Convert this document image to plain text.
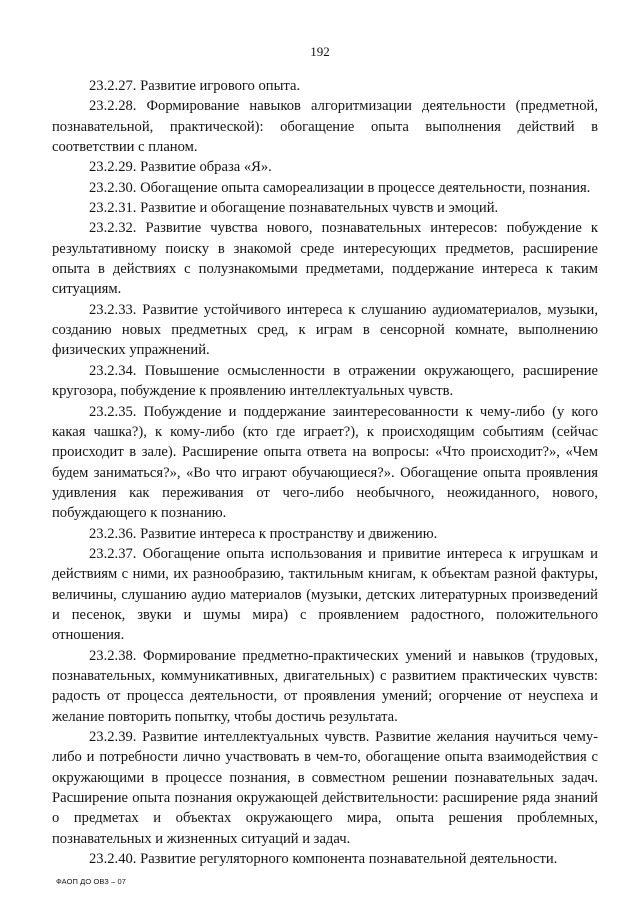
192

23.2.27. Развитие игрового опыта.

23.2.28. Формирование навыков алгоритмизации деятельности (предметной, познавательной, практической): обогащение опыта выполнения действий в соответствии с планом.

23.2.29. Развитие образа «Я».

23.2.30. Обогащение опыта самореализации в процессе деятельности, познания.

23.2.31. Развитие и обогащение познавательных чувств и эмоций.

23.2.32. Развитие чувства нового, познавательных интересов: побуждение к результативному поиску в знакомой среде интересующих предметов, расширение опыта в действиях с полузнакомыми предметами, поддержание интереса к таким ситуациям.

23.2.33. Развитие устойчивого интереса к слушанию аудиоматериалов, музыки, созданию новых предметных сред, к играм в сенсорной комнате, выполнению физических упражнений.

23.2.34. Повышение осмысленности в отражении окружающего, расширение кругозора, побуждение к проявлению интеллектуальных чувств.

23.2.35. Побуждение и поддержание заинтересованности к чему-либо (у кого какая чашка?), к кому-либо (кто где играет?), к происходящим событиям (сейчас происходит в зале). Расширение опыта ответа на вопросы: «Что происходит?», «Чем будем заниматься?», «Во что играют обучающиеся?». Обогащение опыта проявления удивления как переживания от чего-либо необычного, неожиданного, нового, побуждающего к познанию.

23.2.36. Развитие интереса к пространству и движению.

23.2.37. Обогащение опыта использования и привитие интереса к игрушкам и действиям с ними, их разнообразию, тактильным книгам, к объектам разной фактуры, величины, слушанию аудио материалов (музыки, детских литературных произведений и песенок, звуки и шумы мира) с проявлением радостного, положительного отношения.

23.2.38. Формирование предметно-практических умений и навыков (трудовых, познавательных, коммуникативных, двигательных) с развитием практических чувств: радость от процесса деятельности, от проявления умений; огорчение от неуспеха и желание повторить попытку, чтобы достичь результата.

23.2.39. Развитие интеллектуальных чувств. Развитие желания научиться чему-либо и потребности лично участвовать в чем-то, обогащение опыта взаимодействия с окружающими в процессе познания, в совместном решении познавательных задач. Расширение опыта познания окружающей действительности: расширение ряда знаний о предметах и объектах окружающего мира, опыта решения проблемных, познавательных и жизненных ситуаций и задач.

23.2.40. Развитие регуляторного компонента познавательной деятельности.

ФАОП ДО ОВЗ – 07
